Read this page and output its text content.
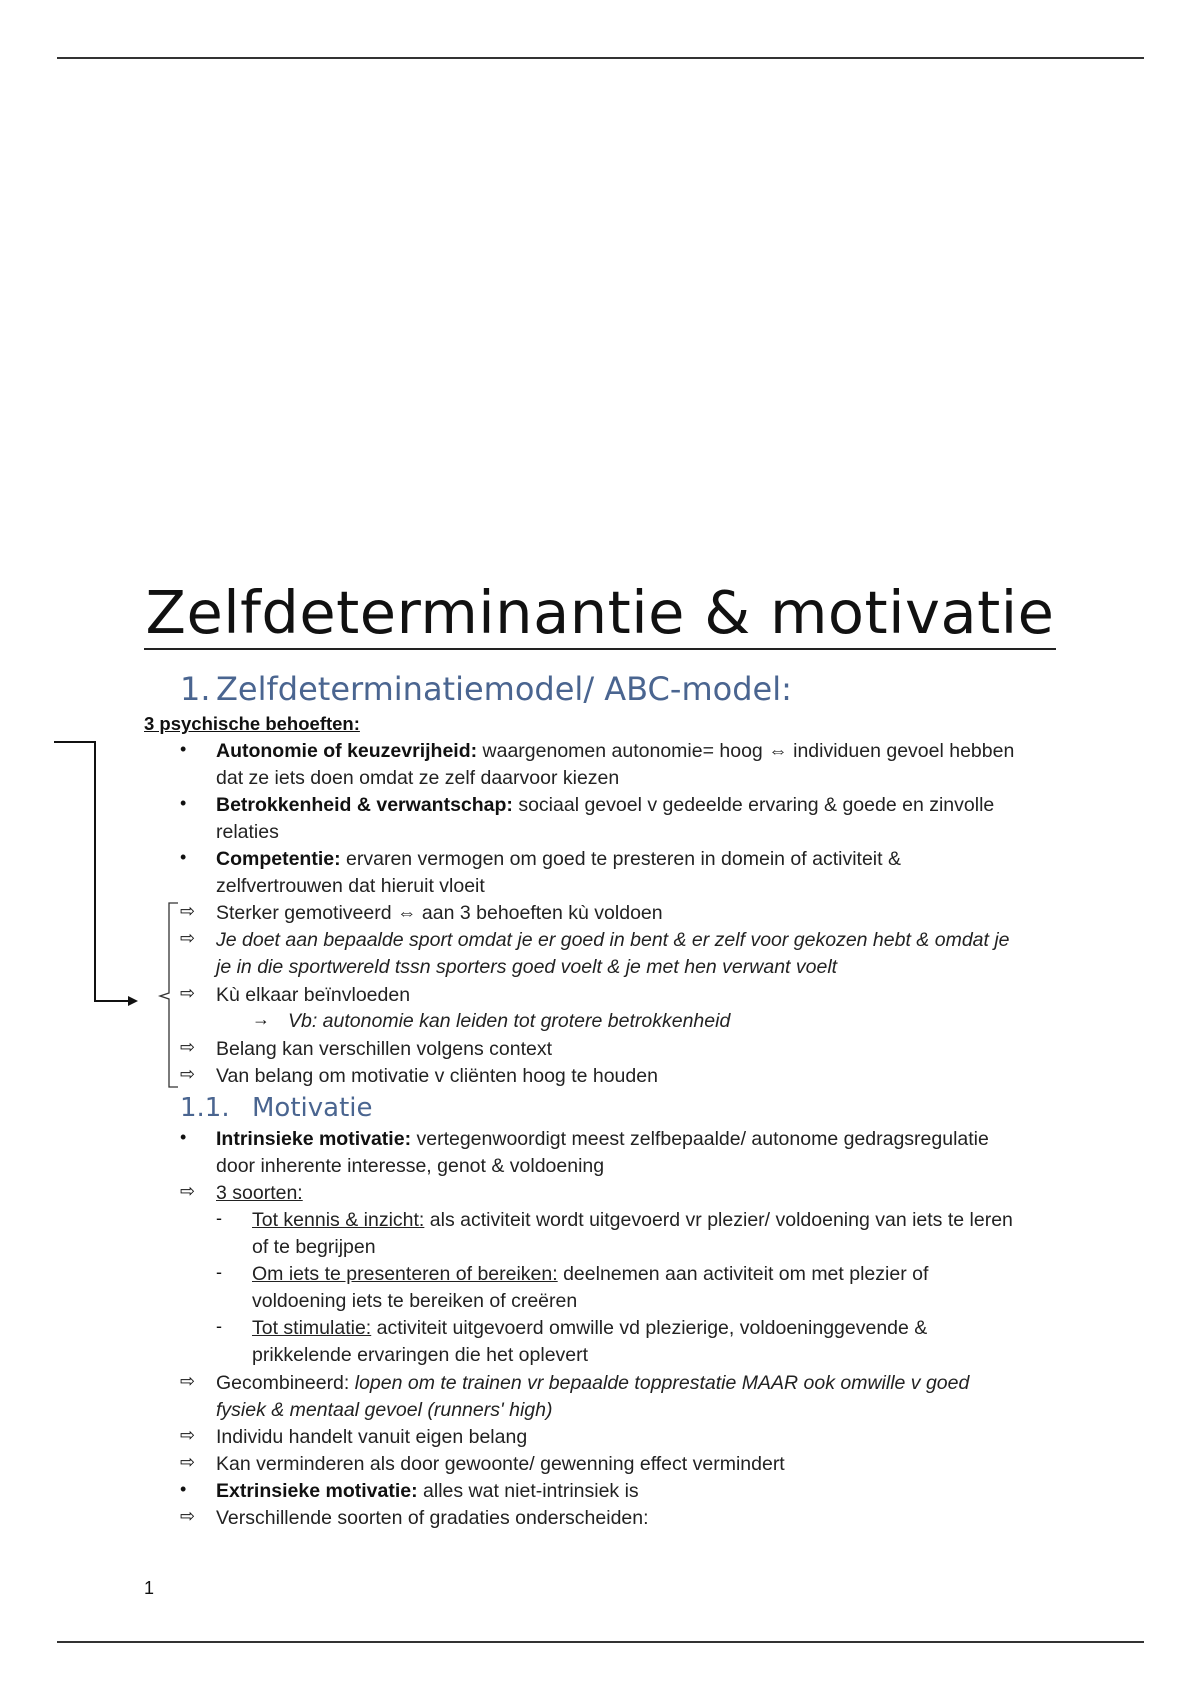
Zelfdeterminantie & motivatie
1. Zelfdeterminatiemodel/ ABC-model:
3 psychische behoeften:
• Autonomie of keuzevrijheid: waargenomen autonomie= hoog ⇔ individuen gevoel hebben
dat ze iets doen omdat ze zelf daarvoor kiezen
• Betrokkenheid & verwantschap: sociaal gevoel v gedeelde ervaring & goede en zinvolle
relaties
• Competentie: ervaren vermogen om goed te presteren in domein of activiteit &
zelfvertrouwen dat hieruit vloeit
⇨ Sterker gemotiveerd ⇔ aan 3 behoeften kù voldoen
⇨ Je doet aan bepaalde sport omdat je er goed in bent & er zelf voor gekozen hebt & omdat je
je in die sportwereld tssn sporters goed voelt & je met hen verwant voelt
⇨ Kù elkaar beïnvloeden
→ Vb: autonomie kan leiden tot grotere betrokkenheid
⇨ Belang kan verschillen volgens context
⇨ Van belang om motivatie v cliënten hoog te houden
1.1. Motivatie
• Intrinsieke motivatie: vertegenwoordigt meest zelfbepaalde/ autonome gedragsregulatie
door inherente interesse, genot & voldoening
⇨ 3 soorten:
- Tot kennis & inzicht: als activiteit wordt uitgevoerd vr plezier/ voldoening van iets te leren
of te begrijpen
- Om iets te presenteren of bereiken: deelnemen aan activiteit om met plezier of
voldoening iets te bereiken of creëren
- Tot stimulatie: activiteit uitgevoerd omwille vd plezierige, voldoeninggevende &
prikkelende ervaringen die het oplevert
⇨ Gecombineerd: lopen om te trainen vr bepaalde topprestatie MAAR ook omwille v goed
fysiek & mentaal gevoel (runners' high)
⇨ Individu handelt vanuit eigen belang
⇨ Kan verminderen als door gewoonte/ gewenning effect vermindert
• Extrinsieke motivatie: alles wat niet-intrinsiek is
⇨ Verschillende soorten of gradaties onderscheiden:
1
